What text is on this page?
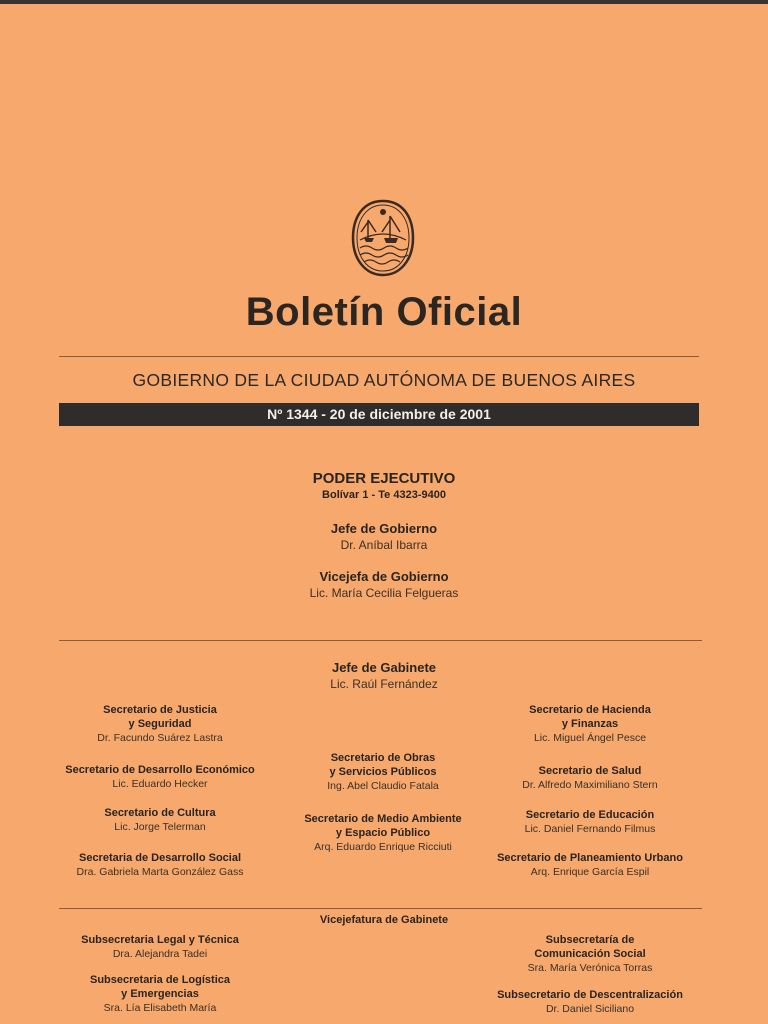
Boletín Oficial
GOBIERNO DE LA CIUDAD AUTÓNOMA DE BUENOS AIRES
Nº 1344 - 20 de diciembre de 2001
PODER EJECUTIVO
Bolívar 1 - Te 4323-9400
Jefe de Gobierno
Dr. Aníbal Ibarra
Vicejefa de Gobierno
Lic. María Cecilia Felgueras
Jefe de Gabinete
Lic. Raúl Fernández
Secretario de Justicia
y Seguridad
Dr. Facundo Suárez Lastra
Secretario de Desarrollo Económico
Lic. Eduardo Hecker
Secretario de Cultura
Lic. Jorge Telerman
Secretaria de Desarrollo Social
Dra. Gabriela Marta González Gass
Secretario de Obras
y Servicios Públicos
Ing. Abel Claudio Fatala
Secretario de Medio Ambiente
y Espacio Público
Arq. Eduardo Enrique Ricciuti
Secretario de Hacienda
y Finanzas
Lic. Miguel Ángel Pesce
Secretario de Salud
Dr. Alfredo Maximiliano Stern
Secretario de Educación
Lic. Daniel Fernando Filmus
Secretario de Planeamiento Urbano
Arq. Enrique García Espil
Vicejefatura de Gabinete
Subsecretaria Legal y Técnica
Dra. Alejandra Tadei
Subsecretaria de Logística
y Emergencias
Sra. Lía Elisabeth María
Subsecretaría de
Comunicación Social
Sra. María Verónica Torras
Subsecretario de Descentralización
Dr. Daniel Siciliano
